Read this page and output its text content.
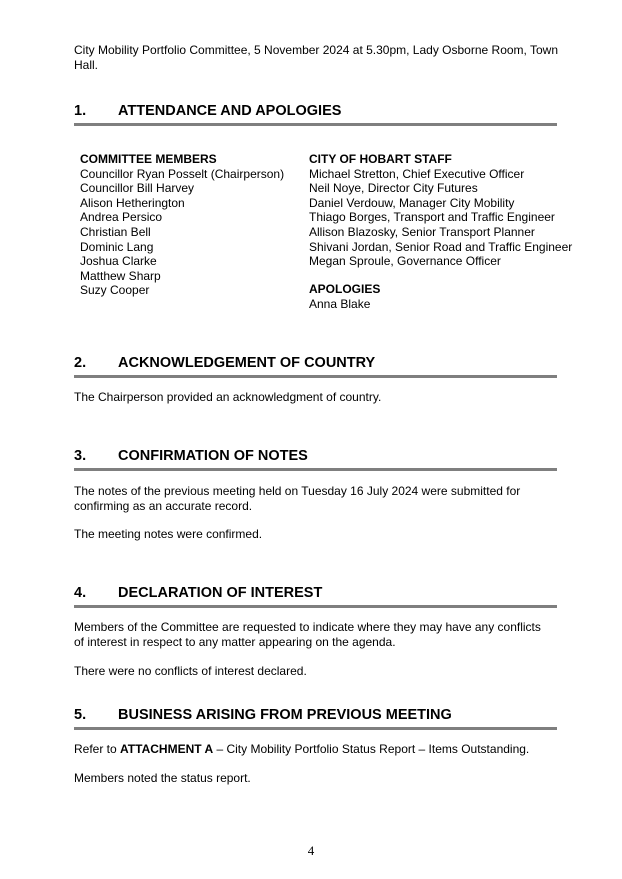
City Mobility Portfolio Committee, 5 November 2024 at 5.30pm, Lady Osborne Room, Town Hall.
1. ATTENDANCE AND APOLOGIES
COMMITTEE MEMBERS
Councillor Ryan Posselt (Chairperson)
Councillor Bill Harvey
Alison Hetherington
Andrea Persico
Christian Bell
Dominic Lang
Joshua Clarke
Matthew Sharp
Suzy Cooper
CITY OF HOBART STAFF
Michael Stretton, Chief Executive Officer
Neil Noye, Director City Futures
Daniel Verdouw, Manager City Mobility
Thiago Borges, Transport and Traffic Engineer
Allison Blazosky, Senior Transport Planner
Shivani Jordan, Senior Road and Traffic Engineer
Megan Sproule, Governance Officer
APOLOGIES
Anna Blake
2. ACKNOWLEDGEMENT OF COUNTRY
The Chairperson provided an acknowledgment of country.
3. CONFIRMATION OF NOTES
The notes of the previous meeting held on Tuesday 16 July 2024 were submitted for confirming as an accurate record.
The meeting notes were confirmed.
4. DECLARATION OF INTEREST
Members of the Committee are requested to indicate where they may have any conflicts of interest in respect to any matter appearing on the agenda.
There were no conflicts of interest declared.
5. BUSINESS ARISING FROM PREVIOUS MEETING
Refer to ATTACHMENT A – City Mobility Portfolio Status Report – Items Outstanding.
Members noted the status report.
4
